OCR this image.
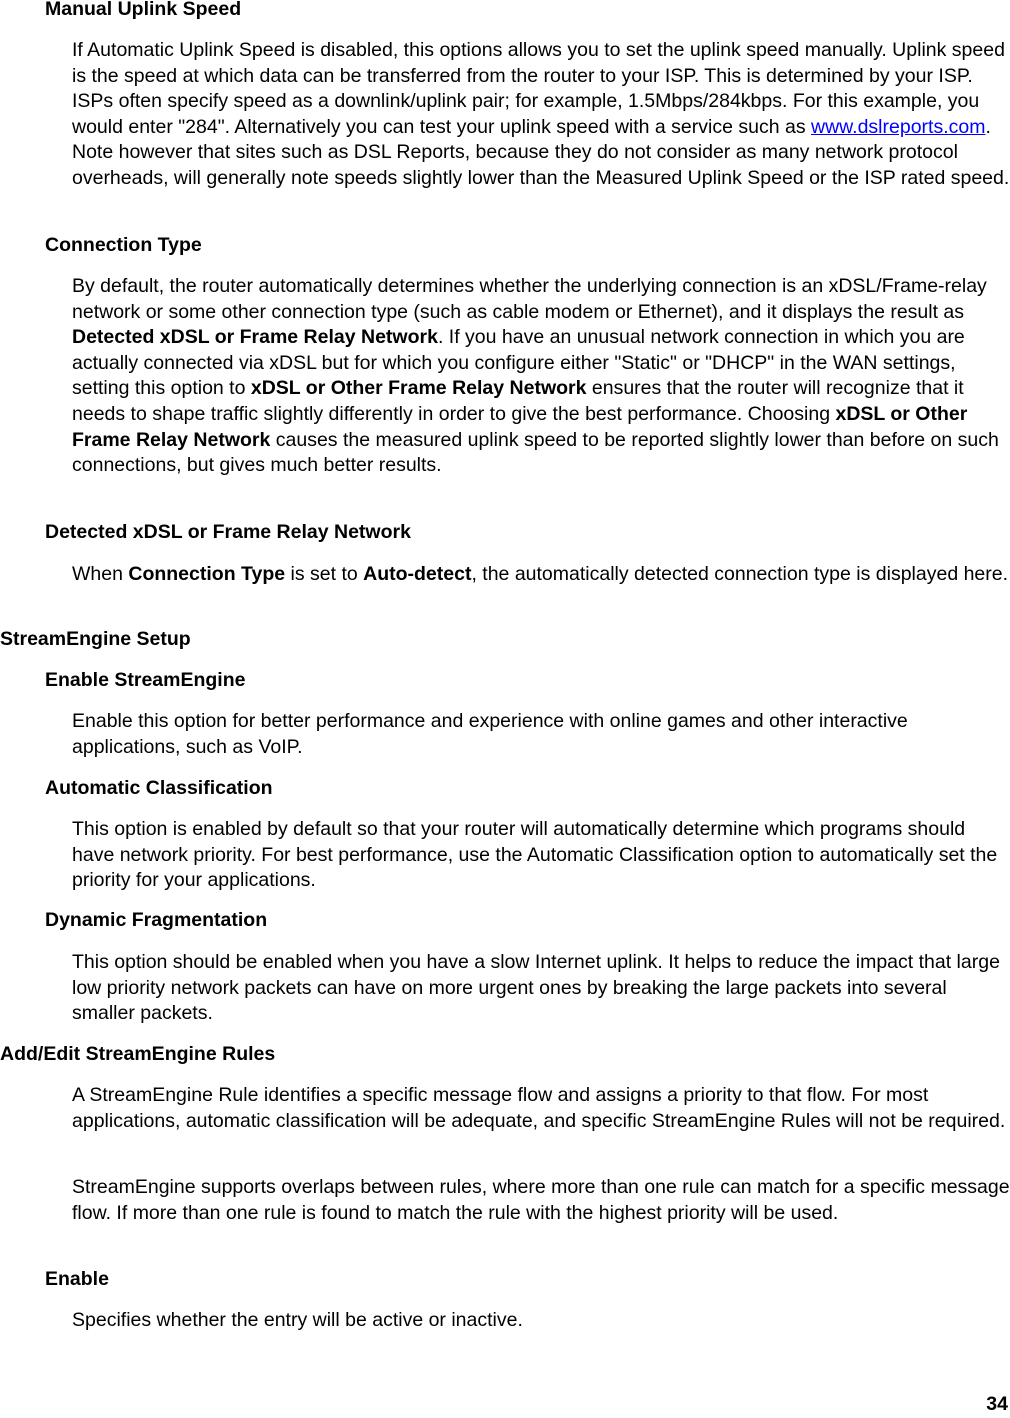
Manual Uplink Speed

If Automatic Uplink Speed is disabled, this options allows you to set the uplink speed manually. Uplink speed is the speed at which data can be transferred from the router to your ISP. This is determined by your ISP. ISPs often specify speed as a downlink/uplink pair; for example, 1.5Mbps/284kbps. For this example, you would enter "284". Alternatively you can test your uplink speed with a service such as www.dslreports.com. Note however that sites such as DSL Reports, because they do not consider as many network protocol overheads, will generally note speeds slightly lower than the Measured Uplink Speed or the ISP rated speed.

Connection Type

By default, the router automatically determines whether the underlying connection is an xDSL/Frame-relay network or some other connection type (such as cable modem or Ethernet), and it displays the result as Detected xDSL or Frame Relay Network. If you have an unusual network connection in which you are actually connected via xDSL but for which you configure either "Static" or "DHCP" in the WAN settings, setting this option to xDSL or Other Frame Relay Network ensures that the router will recognize that it needs to shape traffic slightly differently in order to give the best performance. Choosing xDSL or Other Frame Relay Network causes the measured uplink speed to be reported slightly lower than before on such connections, but gives much better results.

Detected xDSL or Frame Relay Network

When Connection Type is set to Auto-detect, the automatically detected connection type is displayed here.

StreamEngine Setup
Enable StreamEngine

Enable this option for better performance and experience with online games and other interactive applications, such as VoIP.

Automatic Classification

This option is enabled by default so that your router will automatically determine which programs should have network priority. For best performance, use the Automatic Classification option to automatically set the priority for your applications.

Dynamic Fragmentation

This option should be enabled when you have a slow Internet uplink. It helps to reduce the impact that large low priority network packets can have on more urgent ones by breaking the large packets into several smaller packets.

Add/Edit StreamEngine Rules

A StreamEngine Rule identifies a specific message flow and assigns a priority to that flow. For most applications, automatic classification will be adequate, and specific StreamEngine Rules will not be required.

StreamEngine supports overlaps between rules, where more than one rule can match for a specific message flow. If more than one rule is found to match the rule with the highest priority will be used.

Enable

Specifies whether the entry will be active or inactive.

34
